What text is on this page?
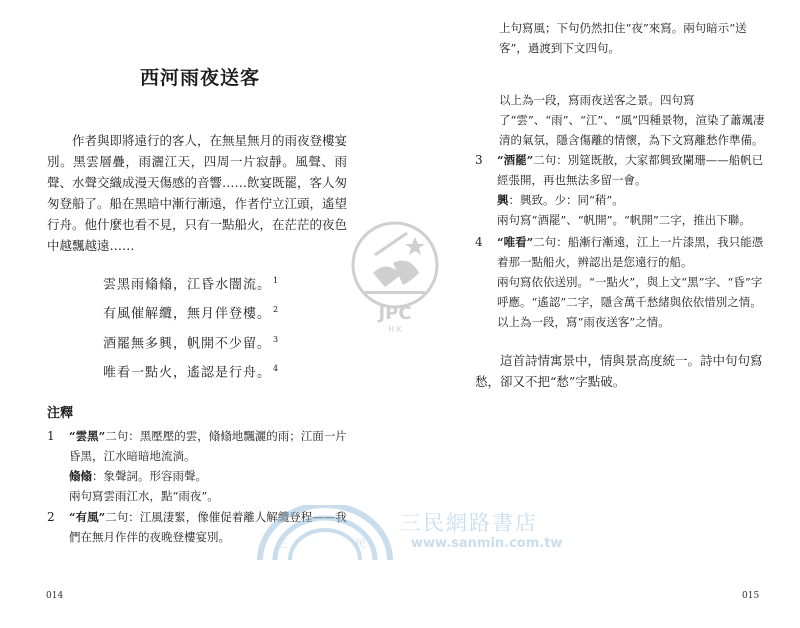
西河雨夜送客

作者與即將遠行的客人，在無星無月的雨夜登樓宴別。黑雲層疊，雨灑江天，四周一片寂靜。風聲、雨聲、水聲交織成漫天傷感的音響……飲宴既罷，客人匆匆登船了。船在黑暗中漸行漸遠，作者佇立江頭，遙望行舟。他什麼也看不見，只有一點船火，在茫茫的夜色中越飄越遠……

雲黑雨翛翛，江昏水闇流。 $^1$
有風催解纜，無月伴登樓。 $^2$
酒罷無多興，帆開不少留。 $^3$
唯看一點火，遙認是行舟。 $^4$
注釋
1 “雲黑”二句：黑壓壓的雲，翛翛地飄灑的雨；江面一片昏黑，江水暗暗地流淌。

翛翛：象聲詞。形容雨聲。

兩句寫雲雨江水，點“雨夜”。

2 “有風”二句：江風淒緊，像催促着離人解纜登程——我們在無月作伴的夜晚登樓宴別。

014

上句寫風；下句仍然扣住“夜”來寫。兩句暗示“送客”，過渡到下文四句。

以上為一段，寫雨夜送客之景。四句寫了“雲”、“雨”、“江”、“風”四種景物，渲染了蕭颯凄清的氣氛，隱含傷離的情懷，為下文寫離愁作準備。

3 “酒罷”二句：別筵既散，大家都興致闌珊——船帆已經張開，再也無法多留一會。

興：興致。少：同“稍”。

兩句寫“酒罷”、“帆開”。“帆開”二字，推出下聯。

4 “唯看”二句：船漸行漸遠，江上一片漆黑，我只能憑着那一點船火，辨認出是您遠行的船。

兩句寫依依送別。“一點火”，與上文“黑”字、“昏”字呼應。“遙認”二字，隱含萬千愁緒與依依惜別之情。

以上為一段，寫“雨夜送客”之情。

這首詩情寓景中，情與景高度統一。詩中句句寫愁，卻又不把“愁”字點破。

015
JPC
H K
三	民
三民網路書店
www.sanmin.com.tw
